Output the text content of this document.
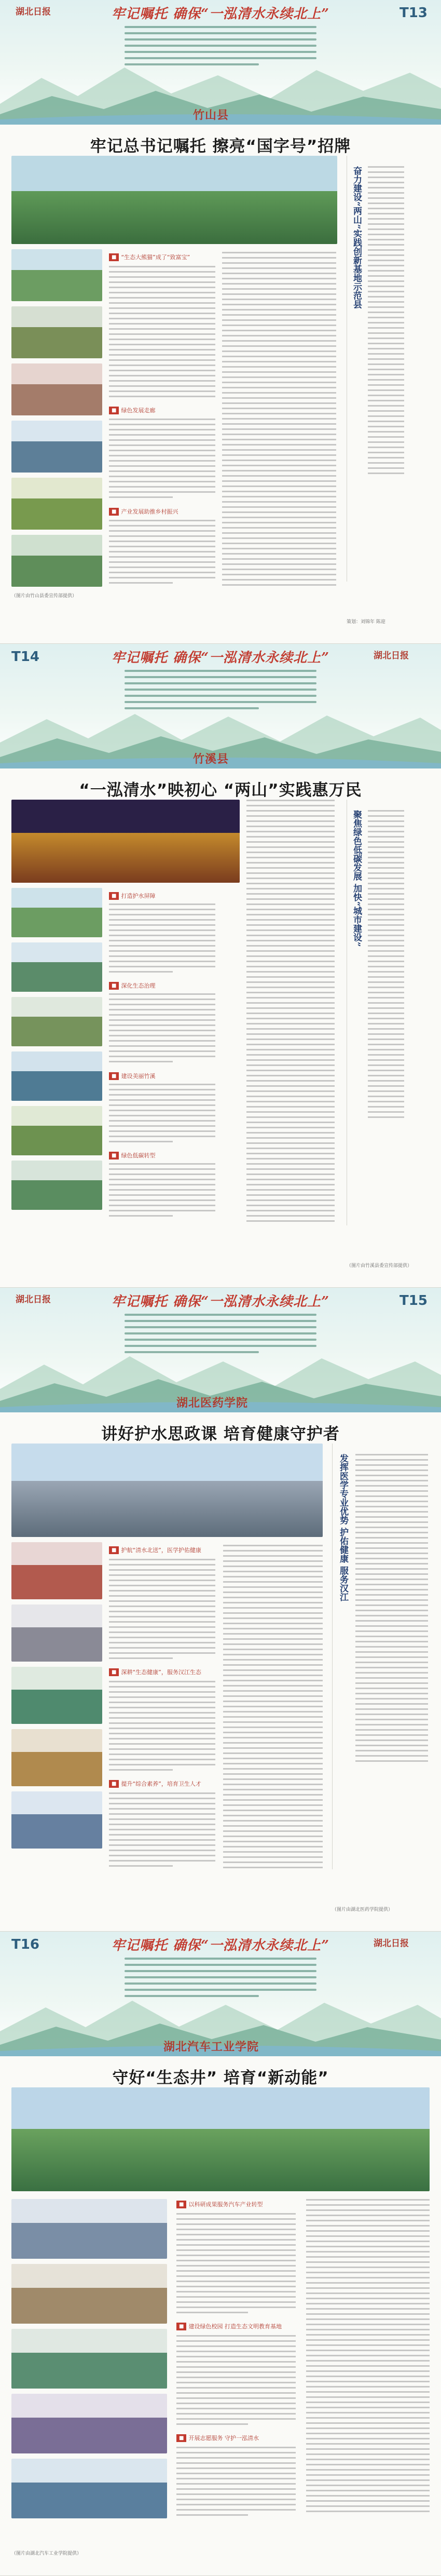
湖北日报	牢记嘱托 确保“一泓清水永续北上”	T13
竹山县
牢记总书记嘱托 擦亮“国字号”招牌
■ “生态大熊猫”成了“致富宝”
■ 绿色发展走廊
■ 产业发展助推乡村振兴
奋力建设“两山”实践创新基地示范县
策划：刘锦年 陈迎
（图片由竹山县委宣传部提供）
T14	牢记嘱托 确保“一泓清水永续北上”	湖北日报
竹溪县
“一泓清水”映初心 “两山”实践惠万民
■ 打造护水屏障
■ 深化生态治理
■ 建设美丽竹溪
■ 绿色低碳转型
聚焦绿色低碳发展 加快“城市建设”
（图片由竹溪县委宣传部提供）
湖北日报	牢记嘱托 确保“一泓清水永续北上”	T15
湖北医药学院
讲好护水思政课 培育健康守护者
■ 护航“清水北送”，医学护佑健康
■ 深耕“生态健康”，服务汉江生态
■ 提升“综合素养”，培育卫生人才
发挥医学专业优势 护佑健康 服务汉江
（图片由湖北医药学院提供）
T16	牢记嘱托 确保“一泓清水永续北上”	湖北日报
湖北汽车工业学院
守好“生态井” 培育“新动能”
■ 以科研成果服务汽车产业转型
■ 建设绿色校园 打造生态文明教育基地
■ 开展志愿服务 守护一泓清水
（图片由湖北汽车工业学院提供）
